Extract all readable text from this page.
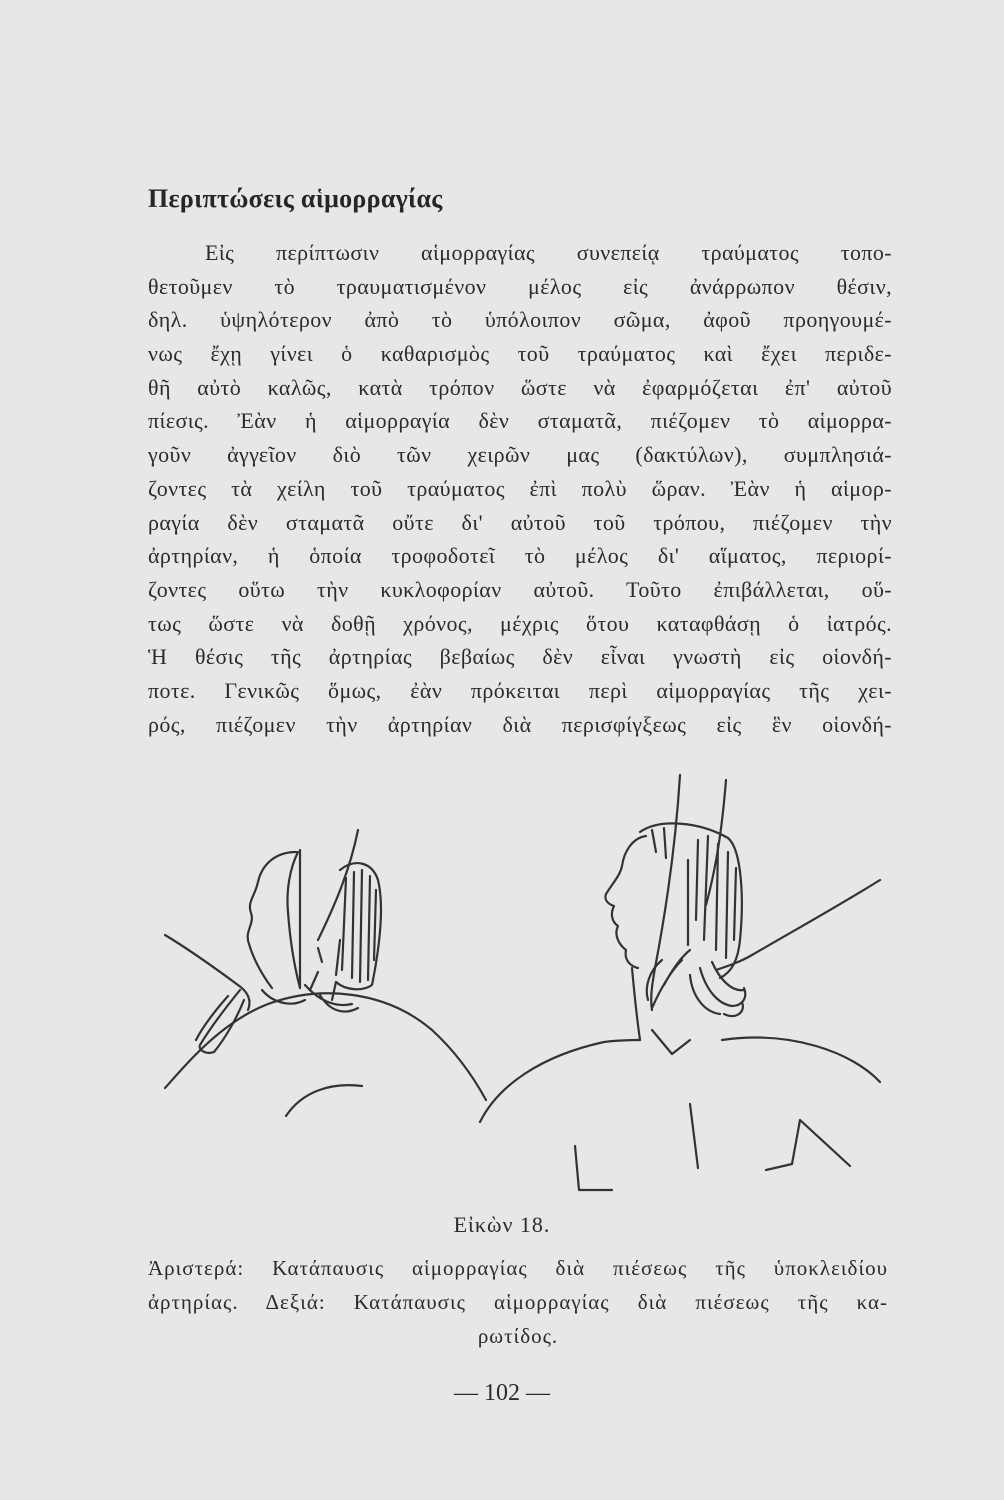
Περιπτώσεις αἱμορραγίας
Εἰς περίπτωσιν αἱμορραγίας συνεπείᾳ τραύματος τοπο-
θετοῦμεν τὸ τραυματισμένον μέλος εἰς ἀνάρρωπον θέσιν,
δηλ. ὑψηλότερον ἀπὸ τὸ ὑπόλοιπον σῶμα, ἀφοῦ προηγουμέ-
νως ἔχῃ γίνει ὁ καθαρισμὸς τοῦ τραύματος καὶ ἔχει περιδε-
θῆ αὐτὸ καλῶς, κατὰ τρόπον ὥστε νὰ ἐφαρμόζεται ἐπ' αὐτοῦ
πίεσις. Ἐὰν ἡ αἱμορραγία δὲν σταματᾶ, πιέζομεν τὸ αἱμορρα-
γοῦν ἀγγεῖον διὸ τῶν χειρῶν μας (δακτύλων), συμπλησιά-
ζοντες τὰ χείλη τοῦ τραύματος ἐπὶ πολὺ ὥραν. Ἐὰν ἡ αἱμορ-
ραγία δὲν σταματᾶ οὔτε δι' αὐτοῦ τοῦ τρόπου, πιέζομεν τὴν
ἀρτηρίαν, ἡ ὁποία τροφοδοτεῖ τὸ μέλος δι' αἵματος, περιορί-
ζοντες οὕτω τὴν κυκλοφορίαν αὐτοῦ. Τοῦτο ἐπιβάλλεται, οὕ-
τως ὥστε νὰ δοθῇ χρόνος, μέχρις ὅτου καταφθάσῃ ὁ ἰατρός.
Ἡ θέσις τῆς ἀρτηρίας βεβαίως δὲν εἶναι γνωστὴ εἰς οἱονδή-
ποτε. Γενικῶς ὅμως, ἐὰν πρόκειται περὶ αἱμορραγίας τῆς χει-
ρός, πιέζομεν τὴν ἀρτηρίαν διὰ περισφίγξεως εἰς ἓν οἱονδή-
Εἰκὼν 18.
Ἀριστερά: Κατάπαυσις αἱμορραγίας διὰ πιέσεως τῆς ὑποκλειδίου
ἀρτηρίας. Δεξιά: Κατάπαυσις αἱμορραγίας διὰ πιέσεως τῆς κα-
ρωτίδος.
— 102 —
